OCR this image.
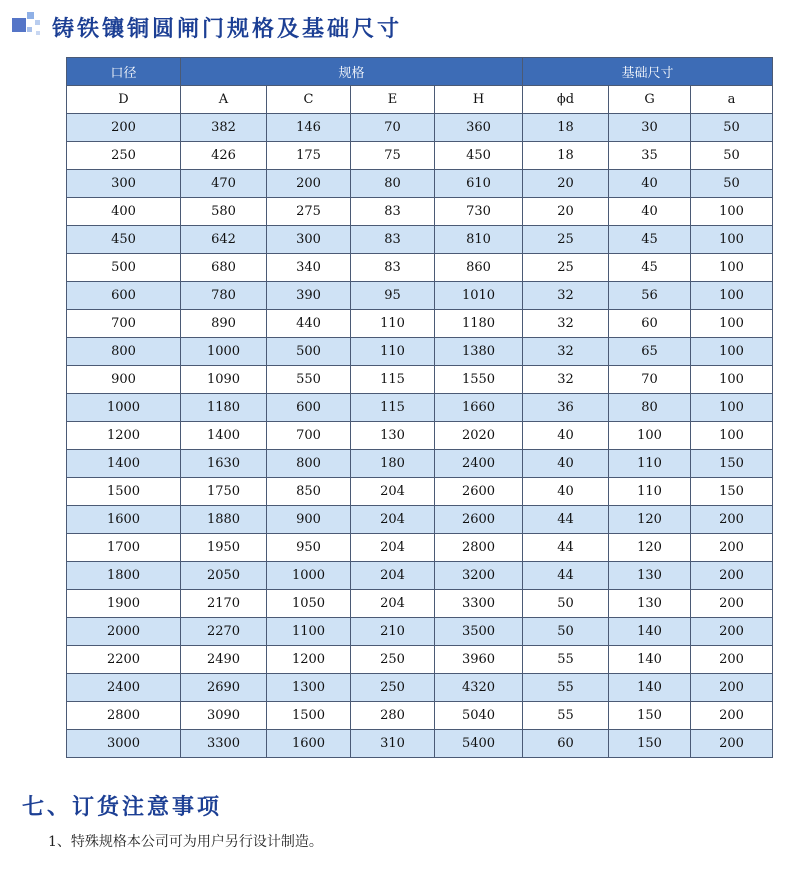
铸铁镶铜圆闸门规格及基础尺寸
口径	规格				基础尺寸		
D	A	C	E	H	ϕd	G	a
200	382	146	70	360	18	30	50
250	426	175	75	450	18	35	50
300	470	200	80	610	20	40	50
400	580	275	83	730	20	40	100
450	642	300	83	810	25	45	100
500	680	340	83	860	25	45	100
600	780	390	95	1010	32	56	100
700	890	440	110	1180	32	60	100
800	1000	500	110	1380	32	65	100
900	1090	550	115	1550	32	70	100
1000	1180	600	115	1660	36	80	100
1200	1400	700	130	2020	40	100	100
1400	1630	800	180	2400	40	110	150
1500	1750	850	204	2600	40	110	150
1600	1880	900	204	2600	44	120	200
1700	1950	950	204	2800	44	120	200
1800	2050	1000	204	3200	44	130	200
1900	2170	1050	204	3300	50	130	200
2000	2270	1100	210	3500	50	140	200
2200	2490	1200	250	3960	55	140	200
2400	2690	1300	250	4320	55	140	200
2800	3090	1500	280	5040	55	150	200
3000	3300	1600	310	5400	60	150	200
七、订货注意事项
1、特殊规格本公司可为用户另行设计制造。
